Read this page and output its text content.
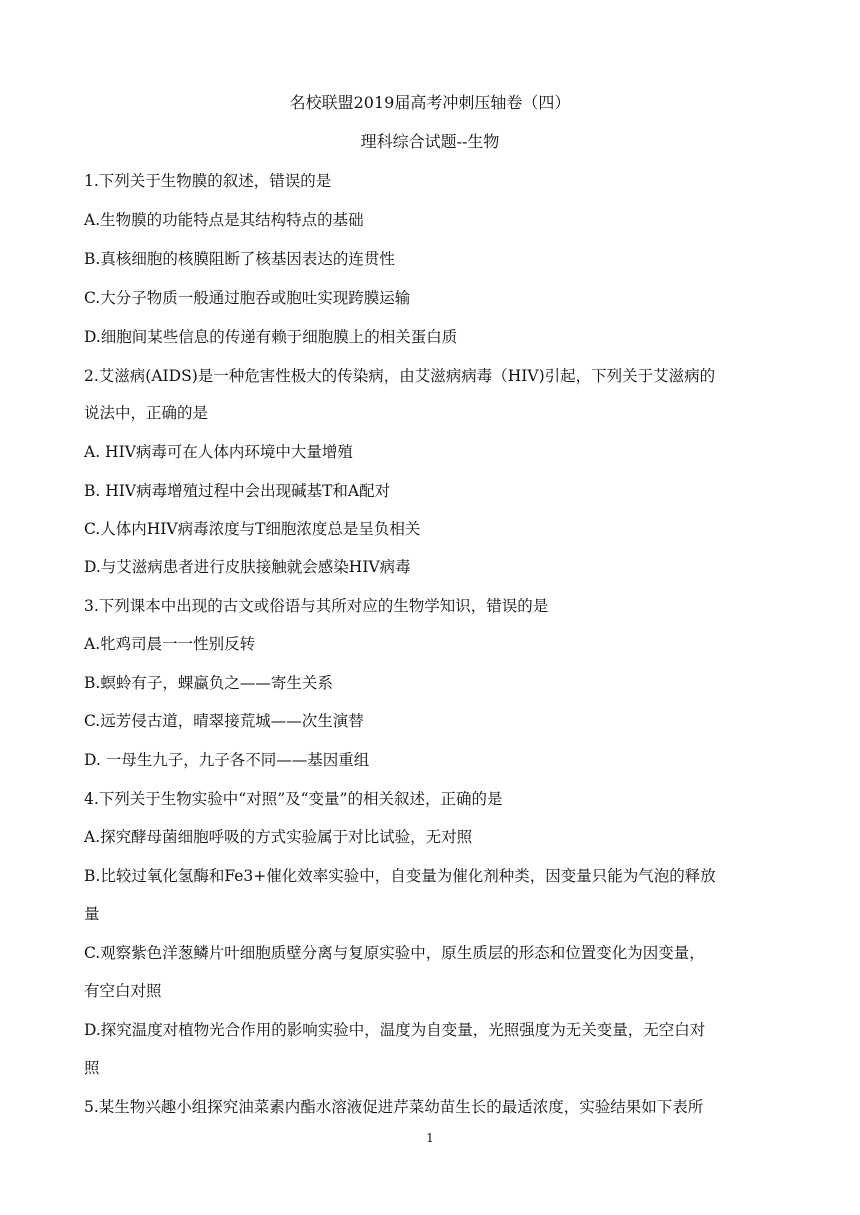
名校联盟2019届高考冲刺压轴卷（四）
理科综合试题--生物
1.下列关于生物膜的叙述，错误的是
A.生物膜的功能特点是其结构特点的基础
B.真核细胞的核膜阻断了核基因表达的连贯性
C.大分子物质一般通过胞吞或胞吐实现跨膜运输
D.细胞间某些信息的传递有赖于细胞膜上的相关蛋白质
2.艾滋病(AIDS)是一种危害性极大的传染病，由艾滋病病毒（HIV)引起，下列关于艾滋病的
说法中，正确的是
A. HIV病毒可在人体内环境中大量增殖
B. HIV病毒增殖过程中会出现碱基T和A配对
C.人体内HIV病毒浓度与T细胞浓度总是呈负相关
D.与艾滋病患者进行皮肤接触就会感染HIV病毒
3.下列课本中出现的古文或俗语与其所对应的生物学知识，错误的是
A.牝鸡司晨一一性别反转
B.螟蛉有子，蜾蠃负之——寄生关系
C.远芳侵古道，晴翠接荒城——次生演替
D. 一母生九子，九子各不同——基因重组
4.下列关于生物实验中“对照”及“变量”的相关叙述，正确的是
A.探究酵母菌细胞呼吸的方式实验属于对比试验，无对照
B.比较过氧化氢酶和Fe3+催化效率实验中，自变量为催化剂种类，因变量只能为气泡的释放
量
C.观察紫色洋葱鳞片叶细胞质壁分离与复原实验中，原生质层的形态和位置变化为因变量，
有空白对照
D.探究温度对植物光合作用的影响实验中，温度为自变量，光照强度为无关变量，无空白对
照
5.某生物兴趣小组探究油菜素内酯水溶液促进芹菜幼苗生长的最适浓度，实验结果如下表所
1
